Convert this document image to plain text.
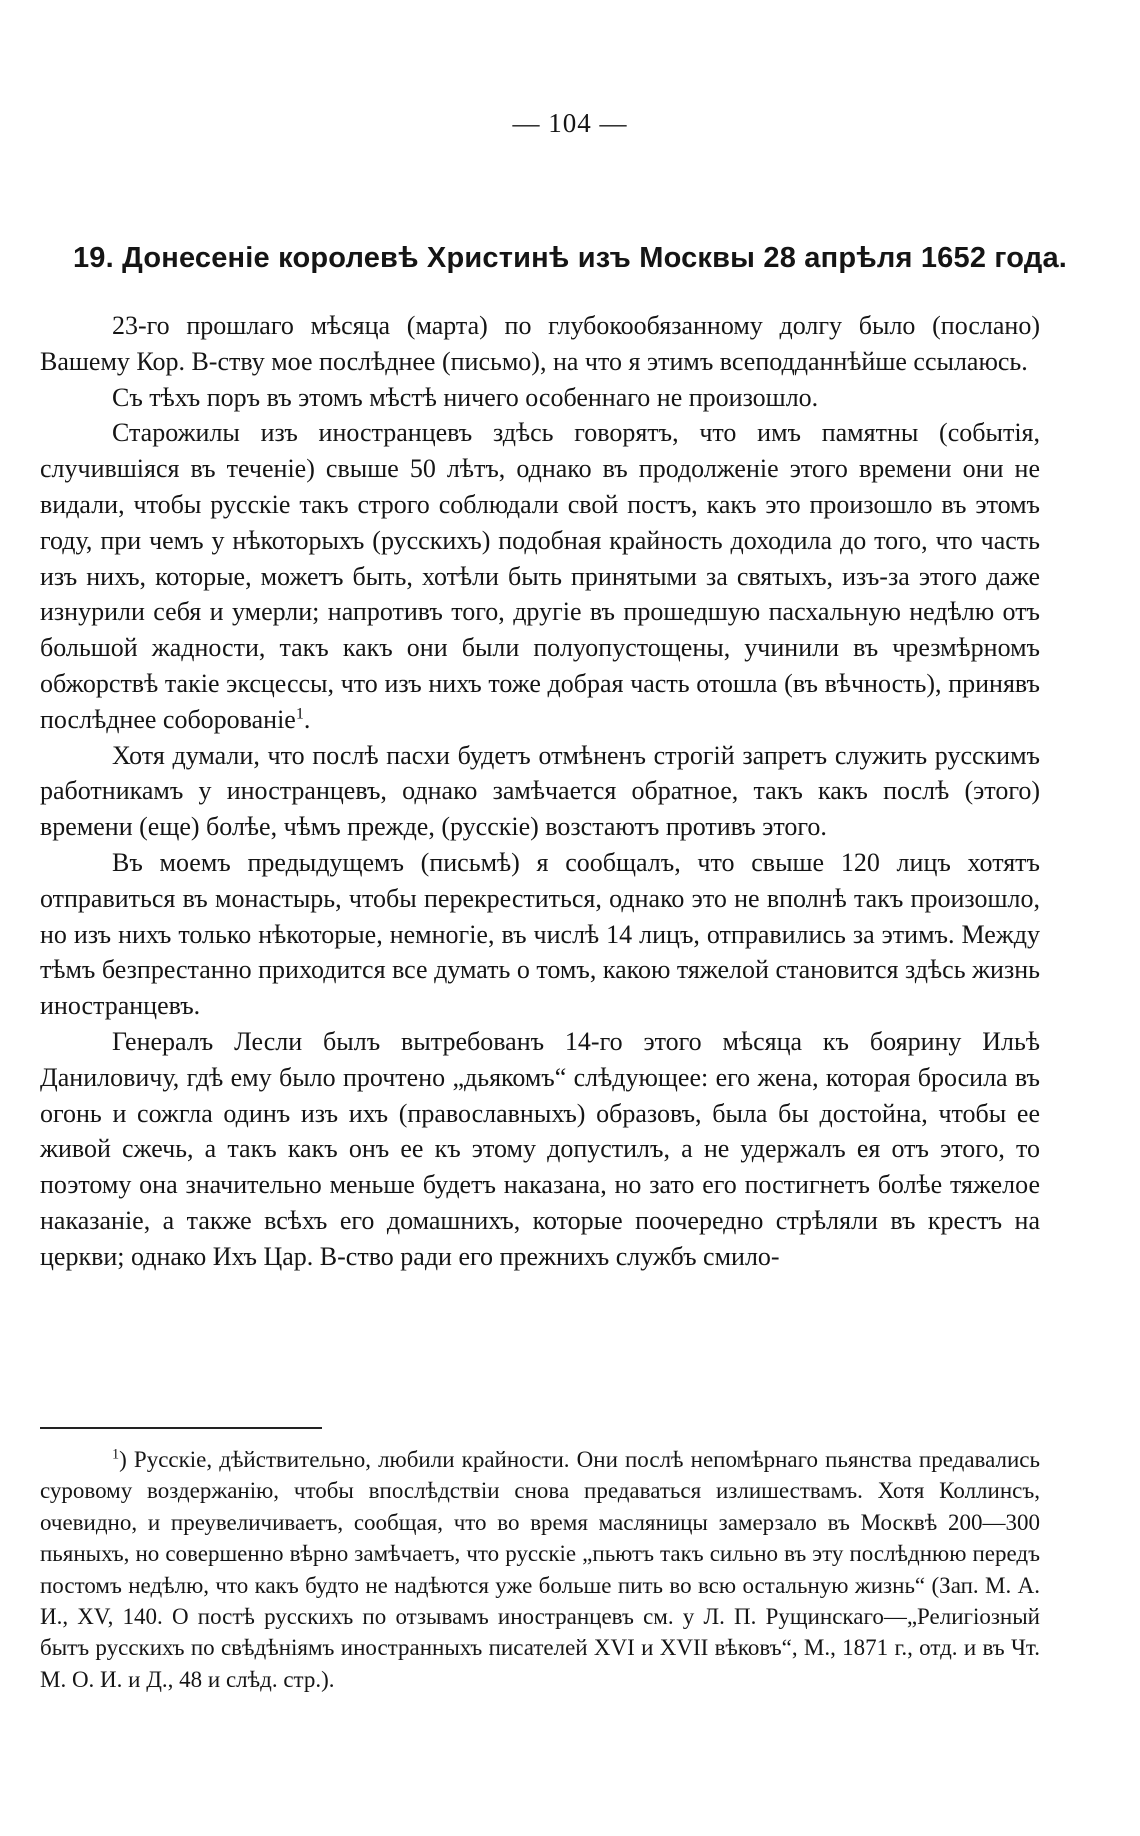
— 104 —
19. Донесеніе королевѣ Христинѣ изъ Москвы 28 апрѣля 1652 года.

23-го прошлаго мѣсяца (марта) по глубокообязанному долгу было (послано) Вашему Кор. В-ству мое послѣднее (письмо), на что я этимъ всеподданнѣйше ссылаюсь.

Съ тѣхъ поръ въ этомъ мѣстѣ ничего особеннаго не произошло.

Старожилы изъ иностранцевъ здѣсь говорятъ, что имъ памятны (событія, случившіяся въ теченіе) свыше 50 лѣтъ, однако въ продолженіе этого времени они не видали, чтобы русскіе такъ строго соблюдали свой постъ, какъ это произошло въ этомъ году, при чемъ у нѣкоторыхъ (русскихъ) подобная крайность доходила до того, что часть изъ нихъ, которые, можетъ быть, хотѣли быть принятыми за святыхъ, изъ-за этого даже изнурили себя и умерли; напротивъ того, другіе въ прошедшую пасхальную недѣлю отъ большой жадности, такъ какъ они были полуопустощены, учинили въ чрезмѣрномъ обжорствѣ такіе эксцессы, что изъ нихъ тоже добрая часть отошла (въ вѣчность), принявъ послѣднее соборованіе$^1$.

Хотя думали, что послѣ пасхи будетъ отмѣненъ строгій запретъ служить русскимъ работникамъ у иностранцевъ, однако замѣчается обратное, такъ какъ послѣ (этого) времени (еще) болѣе, чѣмъ прежде, (русскіе) возстаютъ противъ этого.

Въ моемъ предыдущемъ (письмѣ) я сообщалъ, что свыше 120 лицъ хотятъ отправиться въ монастырь, чтобы перекреститься, однако это не вполнѣ такъ произошло, но изъ нихъ только нѣкоторые, немногіе, въ числѣ 14 лицъ, отправились за этимъ. Между тѣмъ безпрестанно приходится все думать о томъ, какою тяжелой становится здѣсь жизнь иностранцевъ.

Генералъ Лесли былъ вытребованъ 14-го этого мѣсяца къ боярину Ильѣ Даниловичу, гдѣ ему было прочтено „дьякомъ“ слѣдующее: его жена, которая бросила въ огонь и сожгла одинъ изъ ихъ (православныхъ) образовъ, была бы достойна, чтобы ее живой сжечь, а такъ какъ онъ ее къ этому допустилъ, а не удержалъ ея отъ этого, то поэтому она значительно меньше будетъ наказана, но зато его постигнетъ болѣе тяжелое наказаніе, а также всѣхъ его домашнихъ, которые поочередно стрѣляли въ крестъ на церкви; однако Ихъ Цар. В-ство ради его прежнихъ службъ смило-

$^1$) Русскіе, дѣйствительно, любили крайности. Они послѣ непомѣрнаго пьянства предавались суровому воздержанію, чтобы впослѣдствіи снова предаваться излишествамъ. Хотя Коллинсъ, очевидно, и преувеличиваетъ, сообщая, что во время масляницы замерзало въ Москвѣ 200—300 пьяныхъ, но совершенно вѣрно замѣчаетъ, что русскіе „пьютъ такъ сильно въ эту послѣднюю передъ постомъ недѣлю, что какъ будто не надѣются уже больше пить во всю остальную жизнь“ (Зап. М. А. И., XV, 140. О постѣ русскихъ по отзывамъ иностранцевъ см. у Л. П. Рущинскаго—„Религіозный бытъ русскихъ по свѣдѣніямъ иностранныхъ писателей XVI и XVII вѣковъ“, М., 1871 г., отд. и въ Чт. М. О. И. и Д., 48 и слѣд. стр.).
